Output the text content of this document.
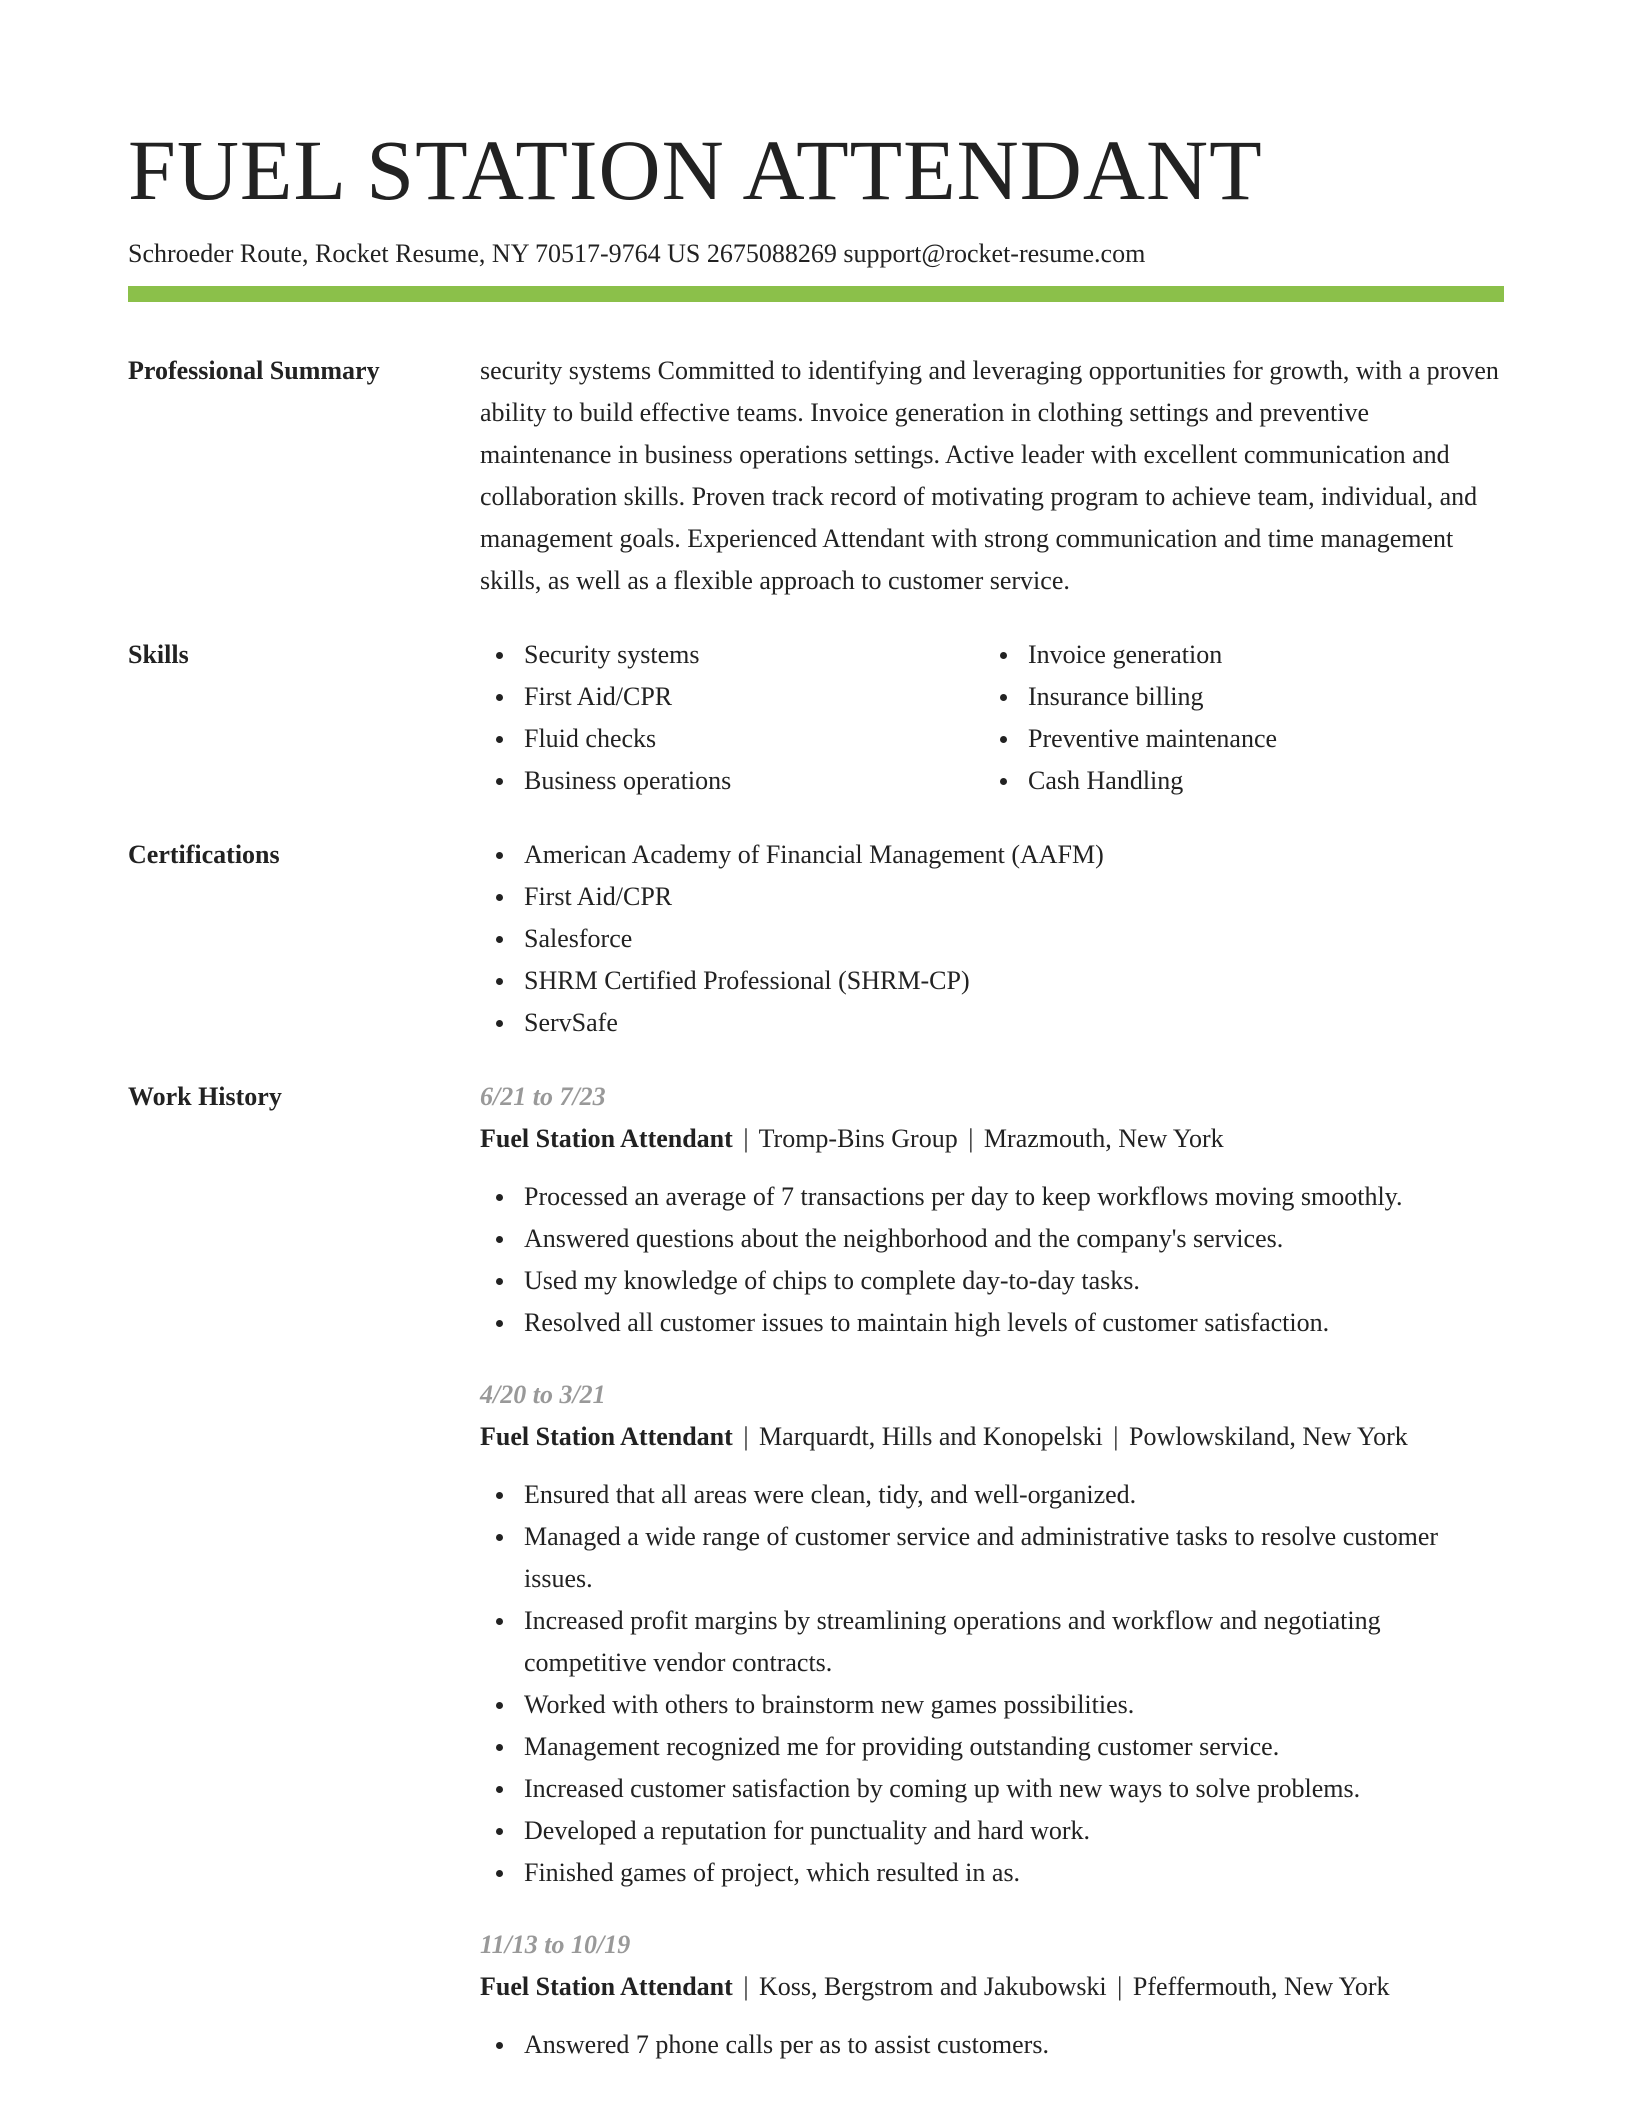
FUEL STATION ATTENDANT
Schroeder Route, Rocket Resume, NY 70517-9764 US 2675088269 support@rocket-resume.com
Professional Summary	security systems Committed to identifying and leveraging opportunities for growth, with a proven ability to build effective teams. Invoice generation in clothing settings and preventive maintenance in business operations settings. Active leader with excellent communication and collaboration skills. Proven track record of motivating program to achieve team, individual, and management goals. Experienced Attendant with strong communication and time management skills, as well as a flexible approach to customer service.

Skills	Security systems
First Aid/CPR
Fluid checks
Business operations
Invoice generation
Insurance billing
Preventive maintenance
Cash Handling
Certifications	American Academy of Financial Management (AAFM)
First Aid/CPR
Salesforce
SHRM Certified Professional (SHRM-CP)
ServSafe
Work History	6/21 to 7/23
Fuel Station Attendant | Tromp-Bins Group | Mrazmouth, New York
Processed an average of 7 transactions per day to keep workflows moving smoothly.
Answered questions about the neighborhood and the company's services.
Used my knowledge of chips to complete day-to-day tasks.
Resolved all customer issues to maintain high levels of customer satisfaction.
4/20 to 3/21
Fuel Station Attendant | Marquardt, Hills and Konopelski | Powlowskiland, New York
Ensured that all areas were clean, tidy, and well-organized.
Managed a wide range of customer service and administrative tasks to resolve customer issues.
Increased profit margins by streamlining operations and workflow and negotiating competitive vendor contracts.
Worked with others to brainstorm new games possibilities.
Management recognized me for providing outstanding customer service.
Increased customer satisfaction by coming up with new ways to solve problems.
Developed a reputation for punctuality and hard work.
Finished games of project, which resulted in as.
11/13 to 10/19
Fuel Station Attendant | Koss, Bergstrom and Jakubowski | Pfeffermouth, New York
Answered 7 phone calls per as to assist customers.
